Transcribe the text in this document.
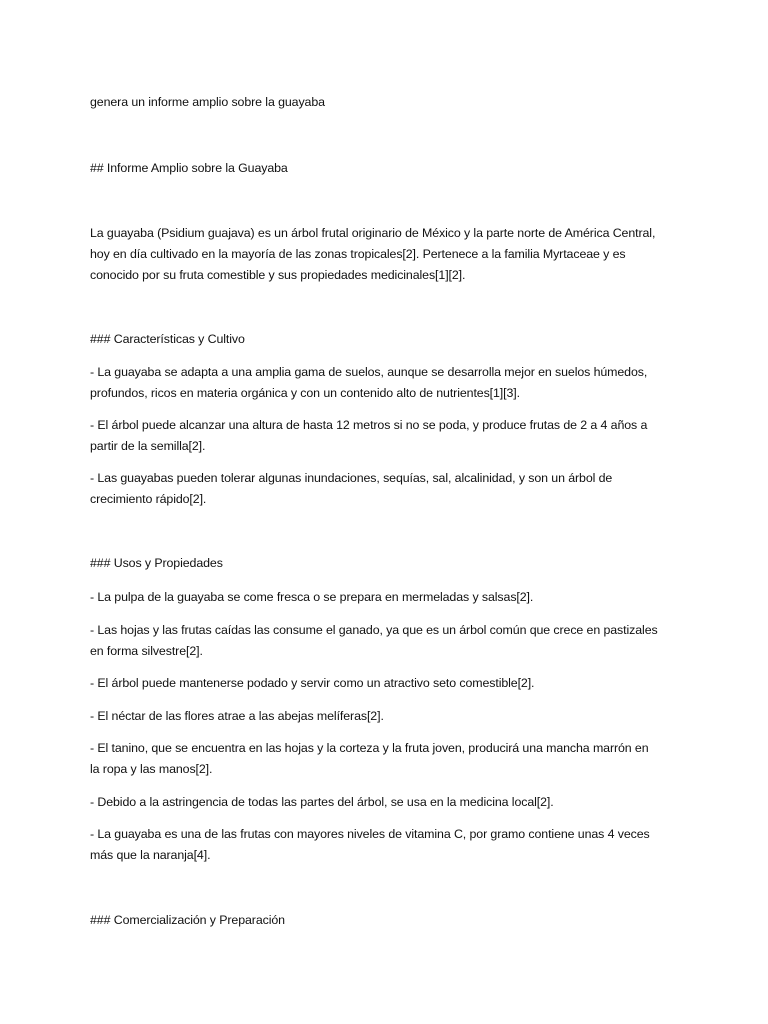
genera un informe amplio sobre la guayaba
## Informe Amplio sobre la Guayaba
La guayaba (Psidium guajava) es un árbol frutal originario de México y la parte norte de América Central,
hoy en día cultivado en la mayoría de las zonas tropicales[2]. Pertenece a la familia Myrtaceae y es
conocido por su fruta comestible y sus propiedades medicinales[1][2].
### Características y Cultivo
- La guayaba se adapta a una amplia gama de suelos, aunque se desarrolla mejor en suelos húmedos,
profundos, ricos en materia orgánica y con un contenido alto de nutrientes[1][3].
- El árbol puede alcanzar una altura de hasta 12 metros si no se poda, y produce frutas de 2 a 4 años a
partir de la semilla[2].
- Las guayabas pueden tolerar algunas inundaciones, sequías, sal, alcalinidad, y son un árbol de
crecimiento rápido[2].
### Usos y Propiedades
- La pulpa de la guayaba se come fresca o se prepara en mermeladas y salsas[2].
- Las hojas y las frutas caídas las consume el ganado, ya que es un árbol común que crece en pastizales
en forma silvestre[2].
- El árbol puede mantenerse podado y servir como un atractivo seto comestible[2].
- El néctar de las flores atrae a las abejas melíferas[2].
- El tanino, que se encuentra en las hojas y la corteza y la fruta joven, producirá una mancha marrón en
la ropa y las manos[2].
- Debido a la astringencia de todas las partes del árbol, se usa en la medicina local[2].
- La guayaba es una de las frutas con mayores niveles de vitamina C, por gramo contiene unas 4 veces
más que la naranja[4].
### Comercialización y Preparación
